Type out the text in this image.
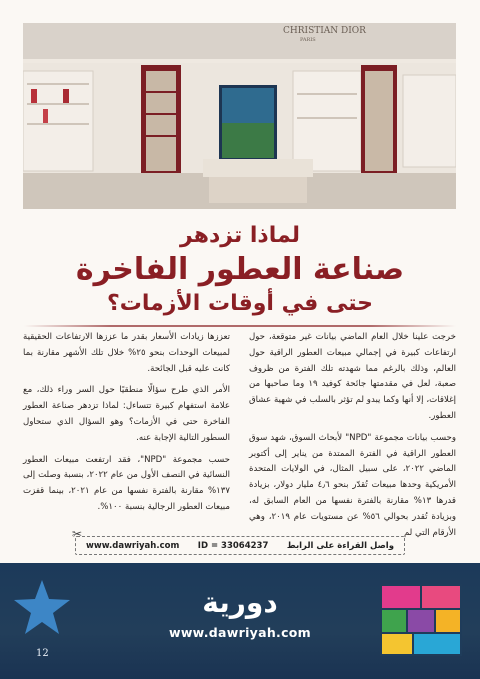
CHRISTIAN DIOR
PARIS
لماذا تزدهر
صناعة العطور الفاخرة
حتى في أوقات الأزمات؟

خرجت علينا خلال العام الماضي بيانات غير متوقعة، حول ارتفاعات كبيرة في إجمالي مبيعات العطور الراقية حول العالم، وذلك بالرغم مما شهدته تلك الفترة من ظروف صعبة، لعل في مقدمتها جائحة كوفيد ١٩ وما صاحبها من إغلاقات، إلا أنها وكما يبدو لم تؤثر بالسلب في شهية عشاق العطور.

وحسب بيانات مجموعة "NPD" لأبحاث السوق، شهد سوق العطور الراقية في الفترة الممتدة من يناير إلى أكتوبر الماضي ٢٠٢٢، على سبيل المثال، في الولايات المتحدة الأمريكية وحدها مبيعات تُقدّر بنحو ٤٫٦ مليار دولار، بزيادة قدرها ١٣% مقارنة بالفترة نفسها من العام السابق له، وبزيادة تُقدر بحوالي ٥٦% عن مستويات عام ٢٠١٩، وهي الأرقام التي لم

تعززها زيادات الأسعار بقدر ما عززها الارتفاعات الحقيقية لمبيعات الوحدات بنحو ٢٥% خلال تلك الأشهر مقارنة بما كانت عليه قبل الجائحة.

الأمر الذي طرح سؤالًا منطقيًا حول السر وراء ذلك، مع علامة استفهام كبيرة تتساءل: لماذا تزدهر صناعة العطور الفاخرة حتى في الأزمات؟ وهو السؤال الذي ستحاول السطور التالية الإجابة عنه.

حسب مجموعة "NPD"، فقد ارتفعت مبيعات العطور النسائية في النصف الأول من عام ٢٠٢٢، بنسبة وصلت إلى ١٣٧% مقارنة بالفترة نفسها من عام ٢٠٢١، بينما قفزت مبيعات العطور الرجالية بنسبة ١٠٠%.

✂
www.dawriyah.com ID = 33064237 واصل القراءة على الرابط
دورية
www.dawriyah.com
12
